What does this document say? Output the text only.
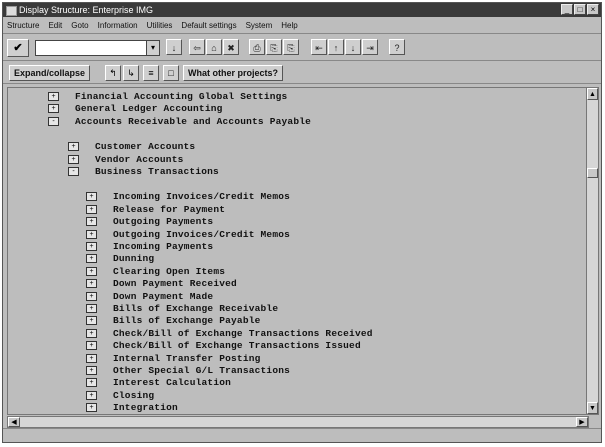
Display Structure: Enterprise IMG	_	□	×
Structure Edit Goto Information Utilities Default settings System Help
✔	▾	↓	⇦	⌂	✖	⎙	⎘	⎘	⇤	↑	↓	⇥	?
Expand/collapse	↰	↳	≡	□	What other projects?
+	Financial Accounting Global Settings
+	General Ledger Accounting
-	Accounts Receivable and Accounts Payable
+	Customer Accounts
+	Vendor Accounts
-	Business Transactions
+	Incoming Invoices/Credit Memos
+	Release for Payment
+	Outgoing Payments
+	Outgoing Invoices/Credit Memos
+	Incoming Payments
+	Dunning
+	Clearing Open Items
+	Down Payment Received
+	Down Payment Made
+	Bills of Exchange Receivable
+	Bills of Exchange Payable
+	Check/Bill of Exchange Transactions Received
+	Check/Bill of Exchange Transactions Issued
+	Internal Transfer Posting
+	Other Special G/L Transactions
+	Interest Calculation
+	Closing
+	Integration
▲
▼
◀	▶
